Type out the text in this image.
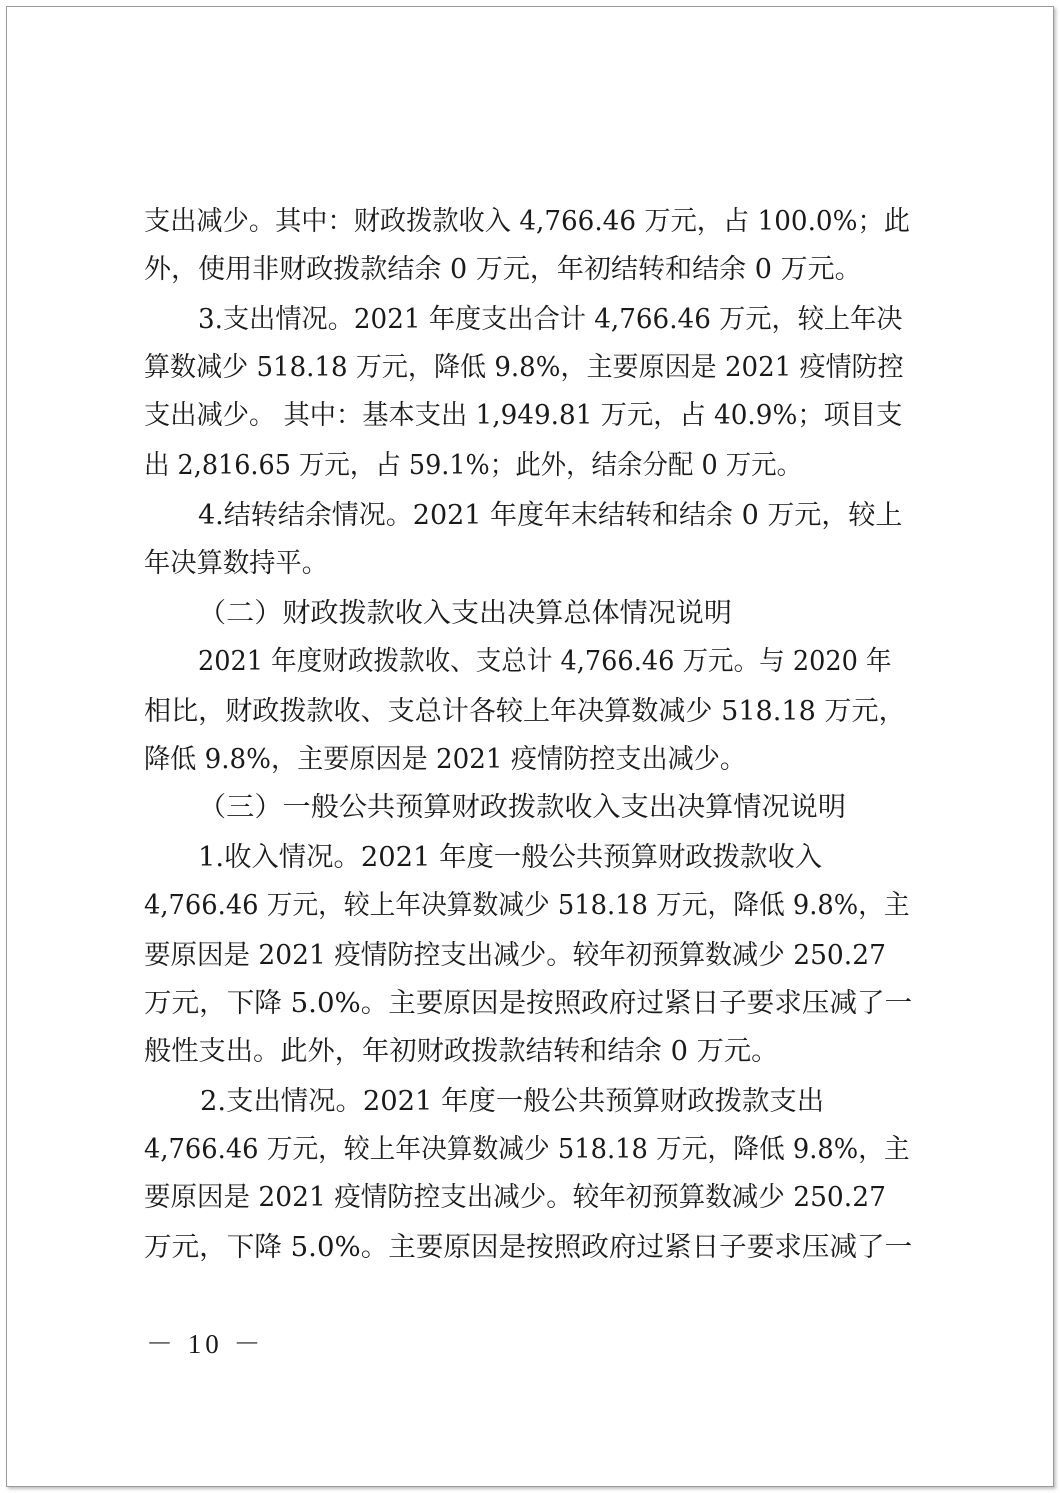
支出减少。其中：财政拨款收入 4,766.46 万元，占 100.0%；此
外，使用非财政拨款结余 0 万元，年初结转和结余 0 万元。
3.支出情况。2021 年度支出合计 4,766.46 万元，较上年决
算数减少 518.18 万元，降低 9.8%，主要原因是 2021 疫情防控
支出减少。 其中：基本支出 1,949.81 万元，占 40.9%；项目支
出 2,816.65 万元，占 59.1%；此外，结余分配 0 万元。
4.结转结余情况。2021 年度年末结转和结余 0 万元，较上
年决算数持平。
（二）财政拨款收入支出决算总体情况说明
2021 年度财政拨款收、支总计 4,766.46 万元。与 2020 年
相比，财政拨款收、支总计各较上年决算数减少 518.18 万元，
降低 9.8%，主要原因是 2021 疫情防控支出减少。
（三）一般公共预算财政拨款收入支出决算情况说明
1.收入情况。2021 年度一般公共预算财政拨款收入
4,766.46 万元，较上年决算数减少 518.18 万元，降低 9.8%，主
要原因是 2021 疫情防控支出减少。较年初预算数减少 250.27
万元，下降 5.0%。主要原因是按照政府过紧日子要求压减了一
般性支出。此外，年初财政拨款结转和结余 0 万元。
2.支出情况。2021 年度一般公共预算财政拨款支出
4,766.46 万元，较上年决算数减少 518.18 万元，降低 9.8%，主
要原因是 2021 疫情防控支出减少。较年初预算数减少 250.27
万元，下降 5.0%。主要原因是按照政府过紧日子要求压减了一
－ 10 －
